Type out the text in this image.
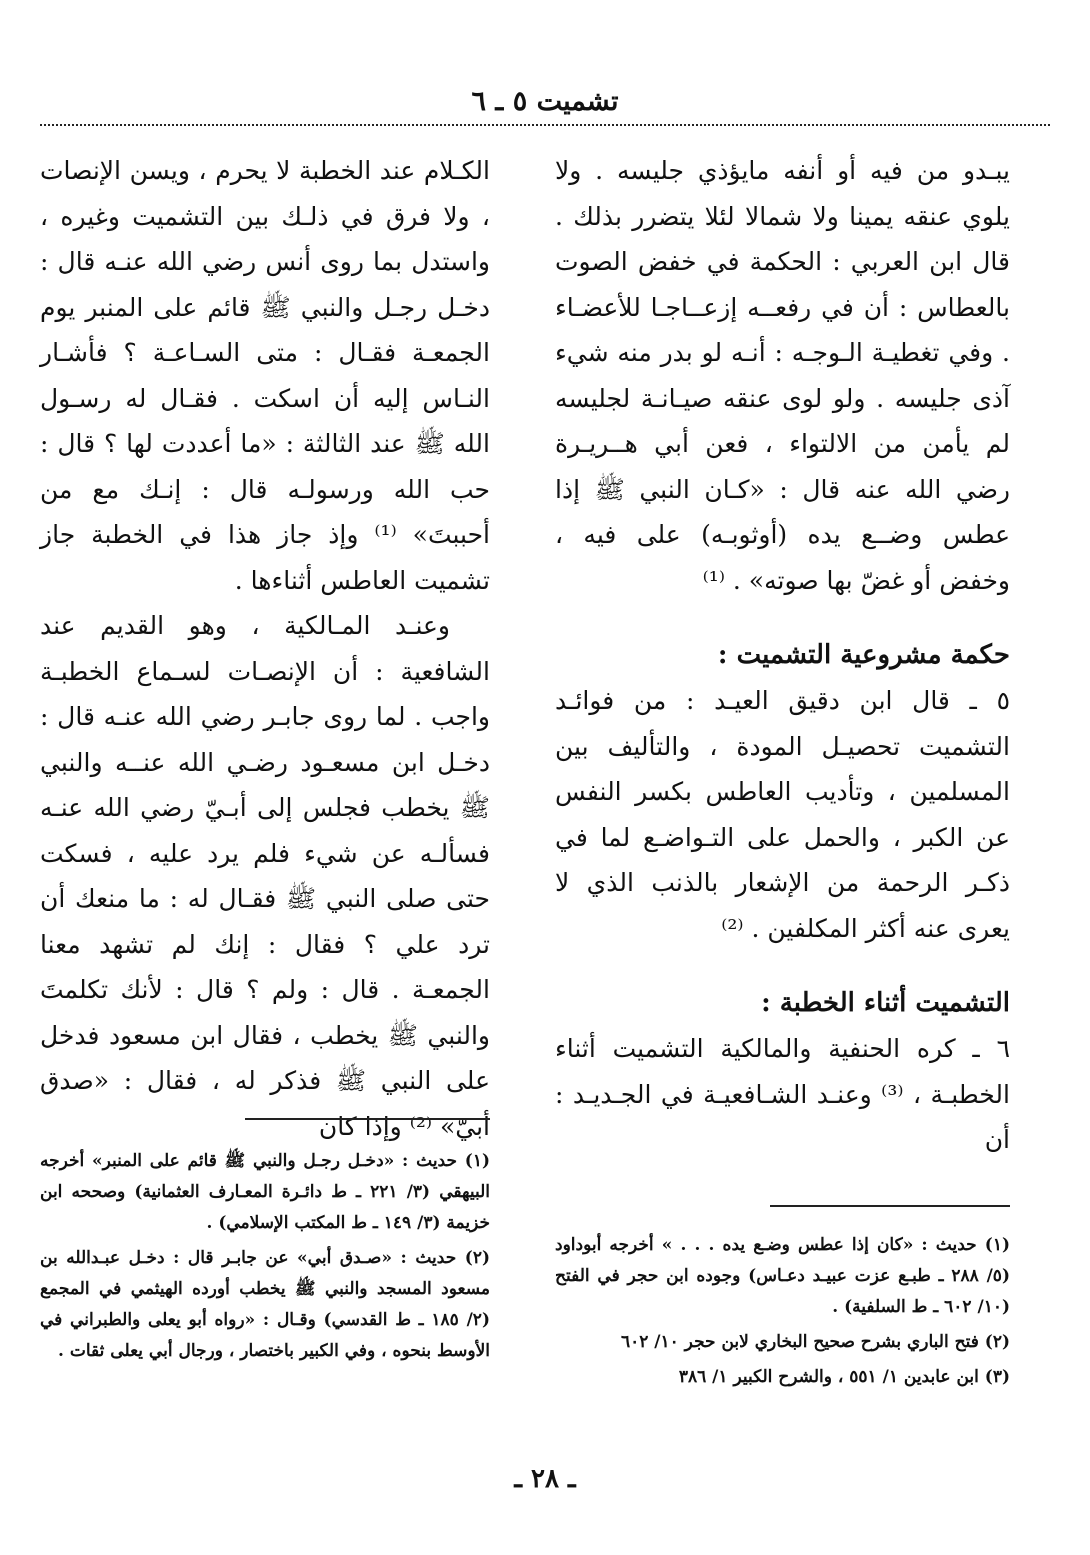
تشميت ٥ ـ ٦

يبـدو من فيه أو أنفه مايؤذي جليسه . ولا يلوي عنقه يمينا ولا شمالا لئلا يتضرر بذلك . قال ابن العربي : الحكمة في خفض الصوت بالعطاس : أن في رفعــه إزعــاجـا للأعضـاء . وفي تغطيـة الـوجـه : أنـه لو بدر منه شيء آذى جليسه . ولو لوى عنقه صيـانـة لجليسه لم يأمن من الالتواء ، فعن أبي هــريـرة رضي الله عنه قال : «كـان النبي ﷺ إذا عطس وضــع يده (أوثوبـه) على فيه ، وخفض أو غضّ بها صوته» . ⁽¹⁾

حكمة مشروعية التشميت :

٥ ـ قال ابن دقيق العيـد : من فوائـد التشميت تحصيـل المودة ، والتأليف بين المسلمين ، وتأديب العاطس بكسر النفس عن الكبر ، والحمل على التـواضـع لما في ذكـر الرحمة من الإشعار بالذنب الذي لا يعرى عنه أكثر المكلفين . ⁽²⁾

التشميت أثناء الخطبة :

٦ ـ كره الحنفية والمالكية التشميت أثناء الخطبـة ، ⁽³⁾ وعنـد الشـافعيـة في الجـديـد : أن

الكـلام عند الخطبة لا يحرم ، ويسن الإنصات ، ولا فرق في ذلـك بين التشميت وغيره ، واستدل بما روى أنس رضي الله عنـه قال : دخـل رجـل والنبي ﷺ قائم على المنبر يوم الجمعـة فقـال : متى السـاعـة ؟ فأشـار النـاس إليه أن اسكت . فقـال له رسـول الله ﷺ عند الثالثة : «ما أعددت لها ؟ قال : حب الله ورسولـه قال : إنـك مع من أحببتَ» ⁽¹⁾ وإذ جاز هذا في الخطبة جاز تشميت العاطس أثناءها .

وعنـد المـالكية ، وهو القديم عند الشافعية : أن الإنصـات لسـماع الخطبـة واجب . لما روى جابـر رضي الله عنـه قال : دخـل ابن مسعـود رضـي الله عنــه والنبي ﷺ يخطب فجلس إلى أبـيّ رضي الله عنـه فسألـه عن شيء فلم يرد عليه ، فسكت حتى صلى النبي ﷺ فقـال له : ما منعك أن ترد علي ؟ فقال : إنك لم تشهد معنا الجمعـة . قال : ولم ؟ قال : لأنك تكلمتَ والنبي ﷺ يخطب ، فقال ابن مسعود فدخل على النبي ﷺ فذكر له ، فقال : «صدق أبيّ» ⁽²⁾ وإذا كان

(١) حديث : «دخـل رجـل والنبي ﷺ قائم على المنبر» أخرجه البيهقي (٣/ ٢٢١ ـ ط دائـرة المعـارف العثمانية) وصححه ابن خزيمة (٣/ ١٤٩ ـ ط المكتب الإسلامي) .

(٢) حديث : «صـدق أبي» عن جابـر قال : دخـل عبـدالله بن مسعود المسجد والنبي ﷺ يخطب أورده الهيثمي في المجمع (٢/ ١٨٥ ـ ط القدسي) وقـال : «رواه أبو يعلى والطبراني في الأوسط بنحوه ، وفي الكبير باختصار ، ورجال أبي يعلى ثقات .

(١) حديث : «كان إذا عطس وضـع يده . . . » أخرجه أبوداود (٥/ ٢٨٨ ـ طبـع عزت عبيـد دعـاس) وجوده ابن حجر في الفتح (١٠/ ٦٠٢ ـ ط السلفية) .

(٢) فتح الباري بشرح صحيح البخاري لابن حجر ١٠/ ٦٠٢

(٣) ابن عابدين ١/ ٥٥١ ، والشرح الكبير ١/ ٣٨٦

ـ ٢٨ ـ
